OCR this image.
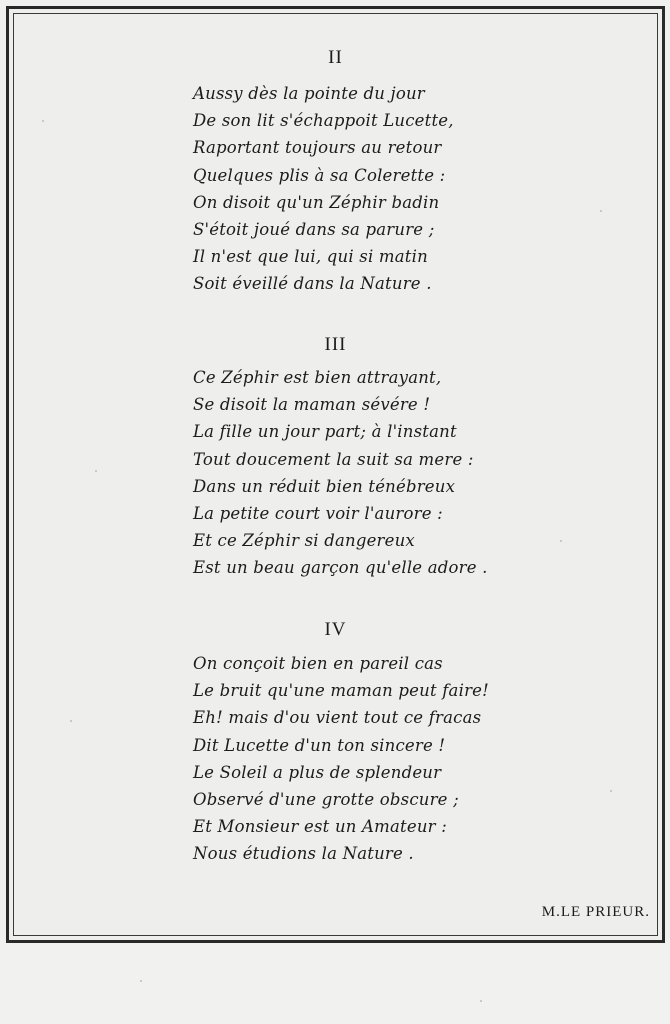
II
Aussy dès la pointe du jour
De son lit s'échappoit Lucette,
Raportant toujours au retour
Quelques plis à sa Colerette :
On disoit qu'un Zéphir badin
S'étoit joué dans sa parure ;
Il n'est que lui, qui si matin
Soit éveillé dans la Nature .
III
Ce Zéphir est bien attrayant,
Se disoit la maman sévére !
La fille un jour part; à l'instant
Tout doucement la suit sa mere :
Dans un réduit bien ténébreux
La petite court voir l'aurore :
Et ce Zéphir si dangereux
Est un beau garçon qu'elle adore .
IV
On conçoit bien en pareil cas
Le bruit qu'une maman peut faire!
Eh! mais d'ou vient tout ce fracas
Dit Lucette d'un ton sincere !
Le Soleil a plus de splendeur
Observé d'une grotte obscure ;
Et Monsieur est un Amateur :
Nous étudions la Nature .
M.LE PRIEUR.
